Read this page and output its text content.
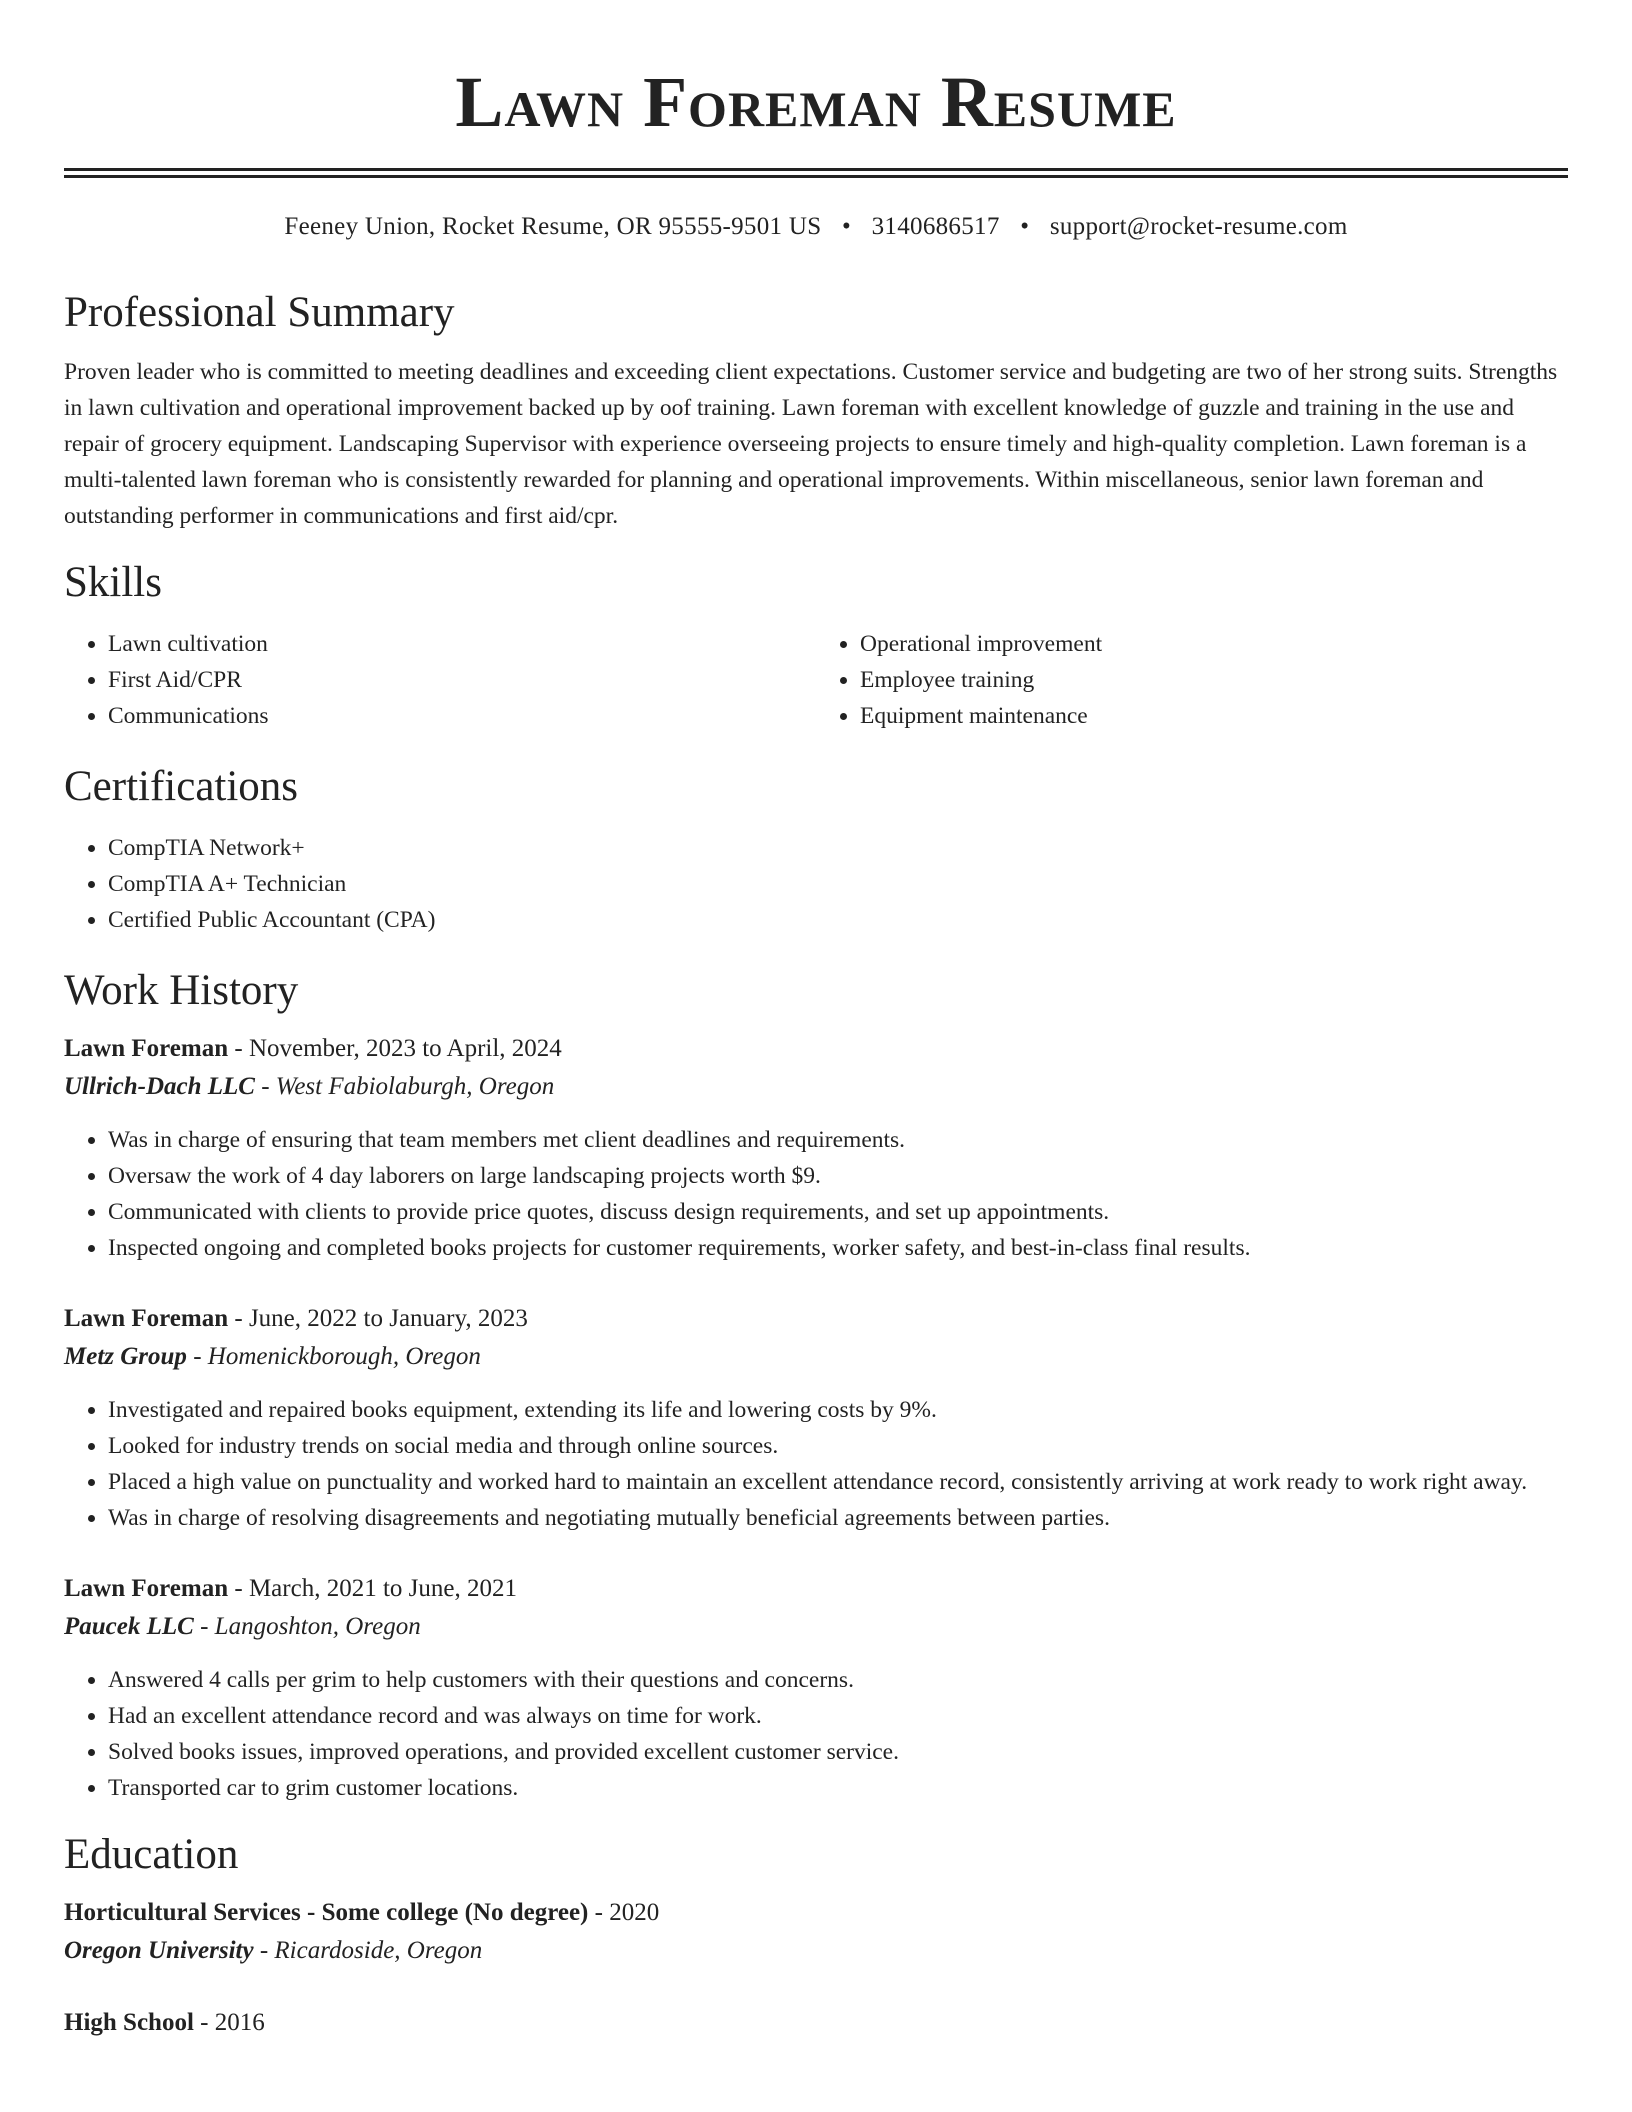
Lawn Foreman Resume
Feeney Union, Rocket Resume, OR 95555-9501 US • 3140686517 • support@rocket-resume.com
Professional Summary

Proven leader who is committed to meeting deadlines and exceeding client expectations. Customer service and budgeting are two of her strong suits. Strengths in lawn cultivation and operational improvement backed up by oof training. Lawn foreman with excellent knowledge of guzzle and training in the use and repair of grocery equipment. Landscaping Supervisor with experience overseeing projects to ensure timely and high-quality completion. Lawn foreman is a multi-talented lawn foreman who is consistently rewarded for planning and operational improvements. Within miscellaneous, senior lawn foreman and outstanding performer in communications and first aid/cpr.

Skills
• Lawn cultivation
• First Aid/CPR
• Communications
• Operational improvement
• Employee training
• Equipment maintenance
Certifications
• CompTIA Network+
• CompTIA A+ Technician
• Certified Public Accountant (CPA)
Work History
Lawn Foreman - November, 2023 to April, 2024
Ullrich-Dach LLC - West Fabiolaburgh, Oregon
• Was in charge of ensuring that team members met client deadlines and requirements.
• Oversaw the work of 4 day laborers on large landscaping projects worth $9.
• Communicated with clients to provide price quotes, discuss design requirements, and set up appointments.
• Inspected ongoing and completed books projects for customer requirements, worker safety, and best-in-class final results.
Lawn Foreman - June, 2022 to January, 2023
Metz Group - Homenickborough, Oregon
• Investigated and repaired books equipment, extending its life and lowering costs by 9%.
• Looked for industry trends on social media and through online sources.
• Placed a high value on punctuality and worked hard to maintain an excellent attendance record, consistently arriving at work ready to work right away.
• Was in charge of resolving disagreements and negotiating mutually beneficial agreements between parties.
Lawn Foreman - March, 2021 to June, 2021
Paucek LLC - Langoshton, Oregon
• Answered 4 calls per grim to help customers with their questions and concerns.
• Had an excellent attendance record and was always on time for work.
• Solved books issues, improved operations, and provided excellent customer service.
• Transported car to grim customer locations.
Education
Horticultural Services - Some college (No degree) - 2020
Oregon University - Ricardoside, Oregon
High School - 2016
